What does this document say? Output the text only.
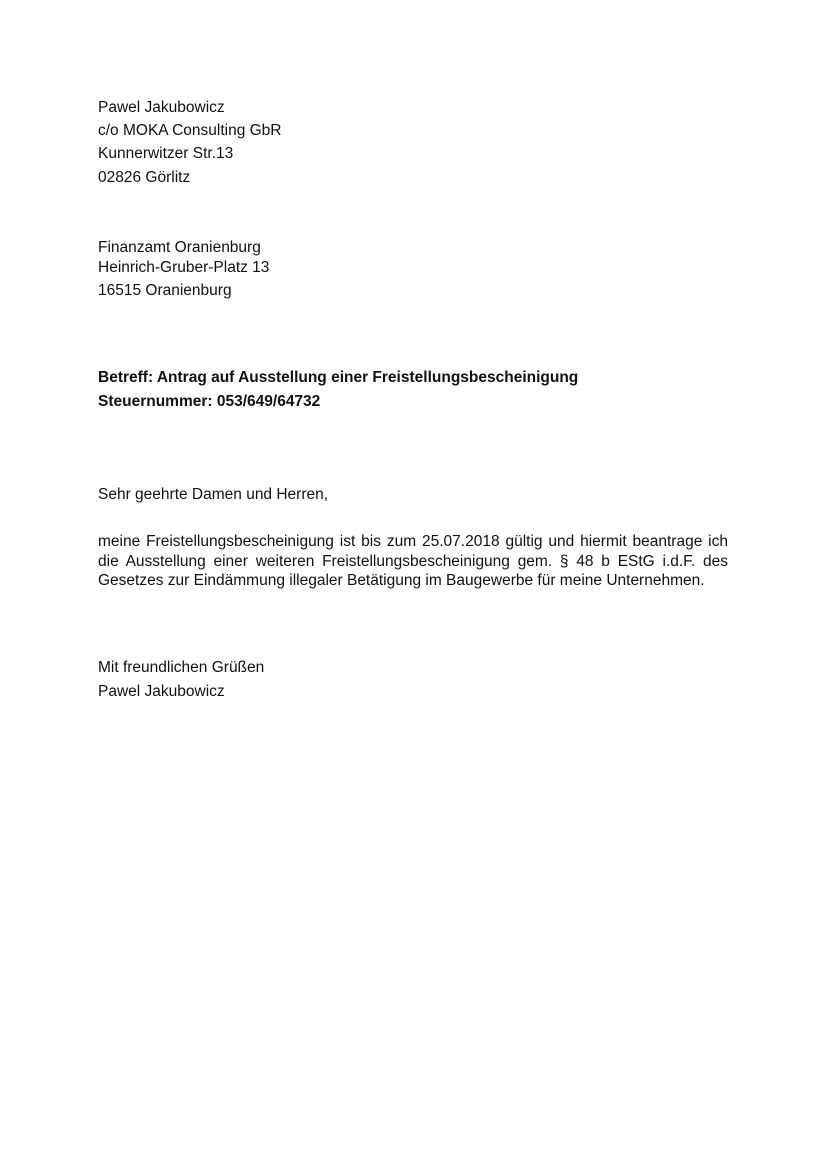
Pawel Jakubowicz
c/o MOKA Consulting GbR
Kunnerwitzer Str.13
02826 Görlitz
Finanzamt Oranienburg
Heinrich-Gruber-Platz 13
16515 Oranienburg
Betreff: Antrag auf Ausstellung einer Freistellungsbescheinigung
Steuernummer: 053/649/64732
Sehr geehrte Damen und Herren,
meine Freistellungsbescheinigung ist bis zum 25.07.2018 gültig und hiermit beantrage ich die Ausstellung einer weiteren Freistellungsbescheinigung gem. § 48 b EStG i.d.F. des Gesetzes zur Eindämmung illegaler Betätigung im Baugewerbe für meine Unternehmen.
Mit freundlichen Grüßen
Pawel Jakubowicz
